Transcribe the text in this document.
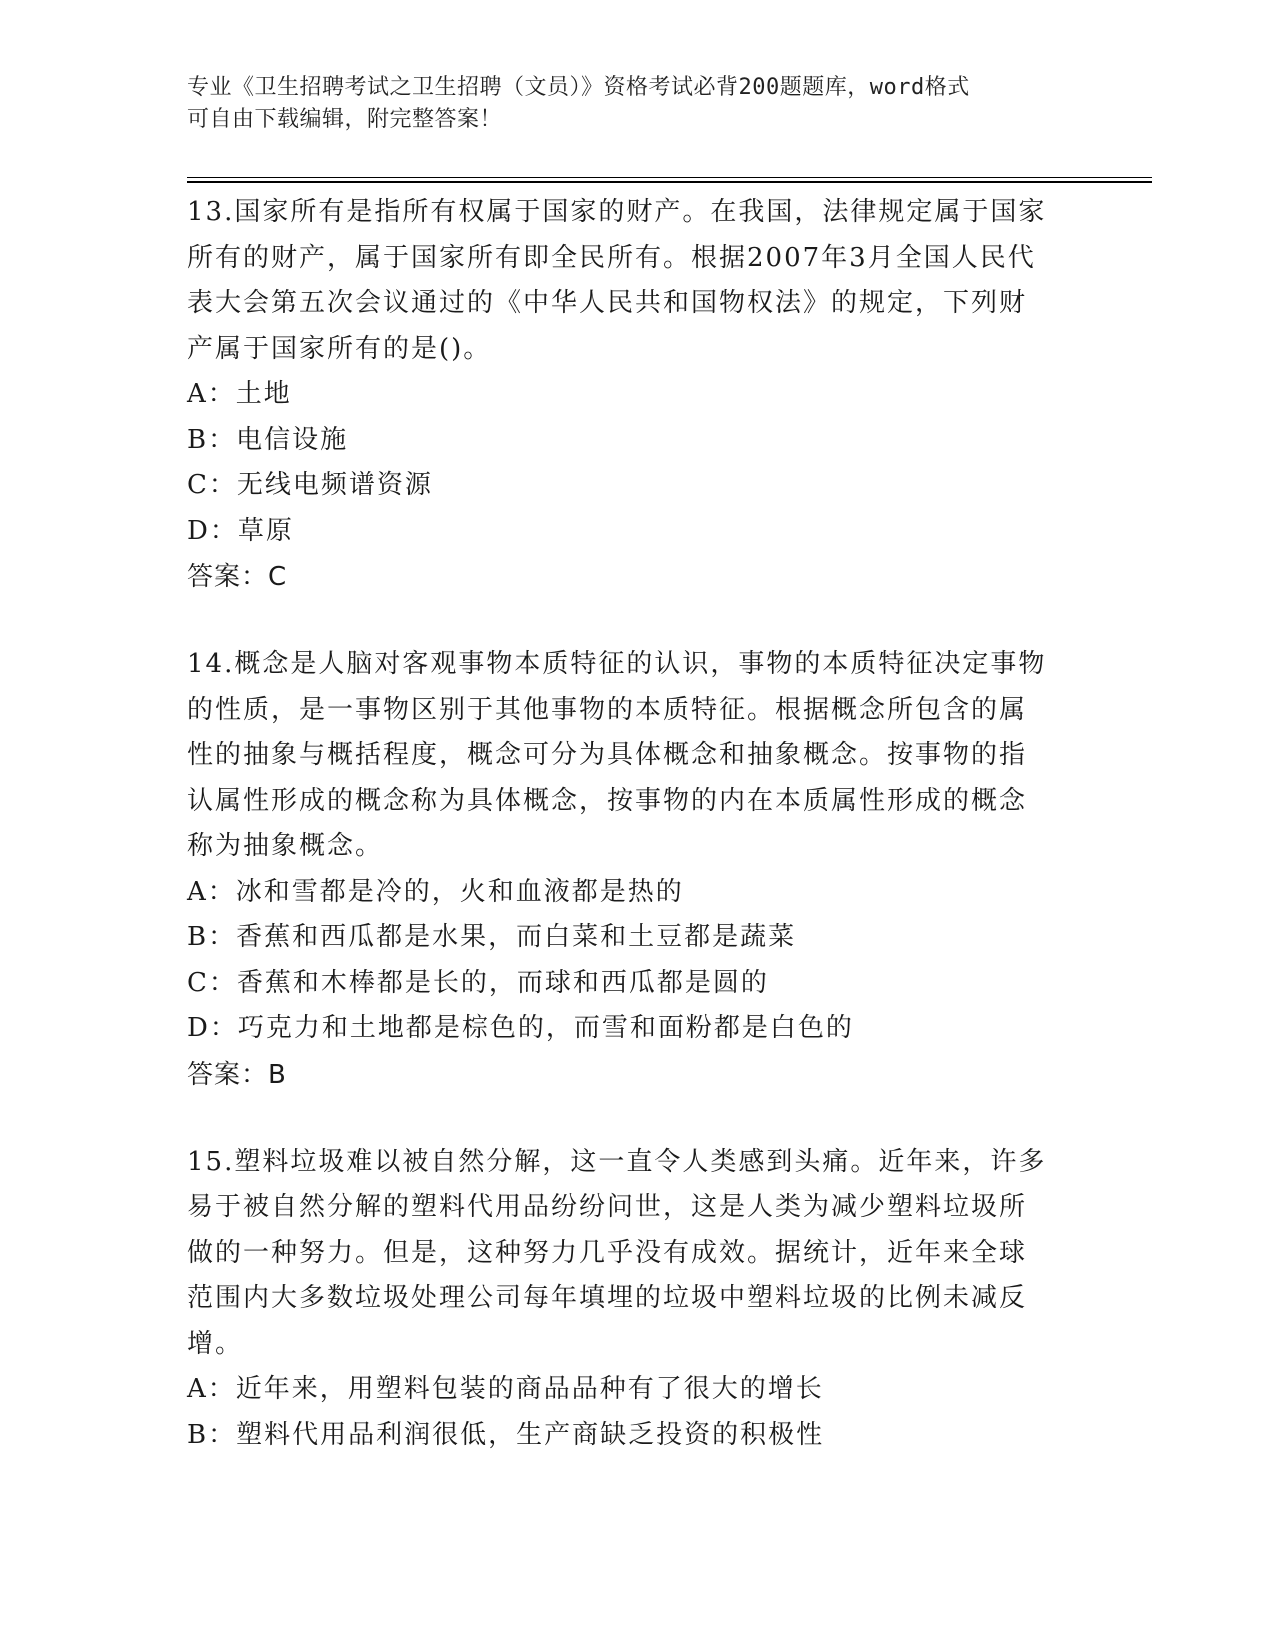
专业《卫生招聘考试之卫生招聘（文员）》资格考试必背200题题库，word格式
可自由下载编辑，附完整答案！
13.国家所有是指所有权属于国家的财产。在我国，法律规定属于国家
所有的财产，属于国家所有即全民所有。根据2007年3月全国人民代
表大会第五次会议通过的《中华人民共和国物权法》的规定，下列财
产属于国家所有的是()。
A：土地
B：电信设施
C：无线电频谱资源
D：草原
答案：C
14.概念是人脑对客观事物本质特征的认识，事物的本质特征决定事物
的性质，是一事物区别于其他事物的本质特征。根据概念所包含的属
性的抽象与概括程度，概念可分为具体概念和抽象概念。按事物的指
认属性形成的概念称为具体概念，按事物的内在本质属性形成的概念
称为抽象概念。
A：冰和雪都是冷的，火和血液都是热的
B：香蕉和西瓜都是水果，而白菜和土豆都是蔬菜
C：香蕉和木棒都是长的，而球和西瓜都是圆的
D：巧克力和土地都是棕色的，而雪和面粉都是白色的
答案：B
15.塑料垃圾难以被自然分解，这一直令人类感到头痛。近年来，许多
易于被自然分解的塑料代用品纷纷问世，这是人类为减少塑料垃圾所
做的一种努力。但是，这种努力几乎没有成效。据统计，近年来全球
范围内大多数垃圾处理公司每年填埋的垃圾中塑料垃圾的比例未减反
增。
A：近年来，用塑料包装的商品品种有了很大的增长
B：塑料代用品利润很低，生产商缺乏投资的积极性
